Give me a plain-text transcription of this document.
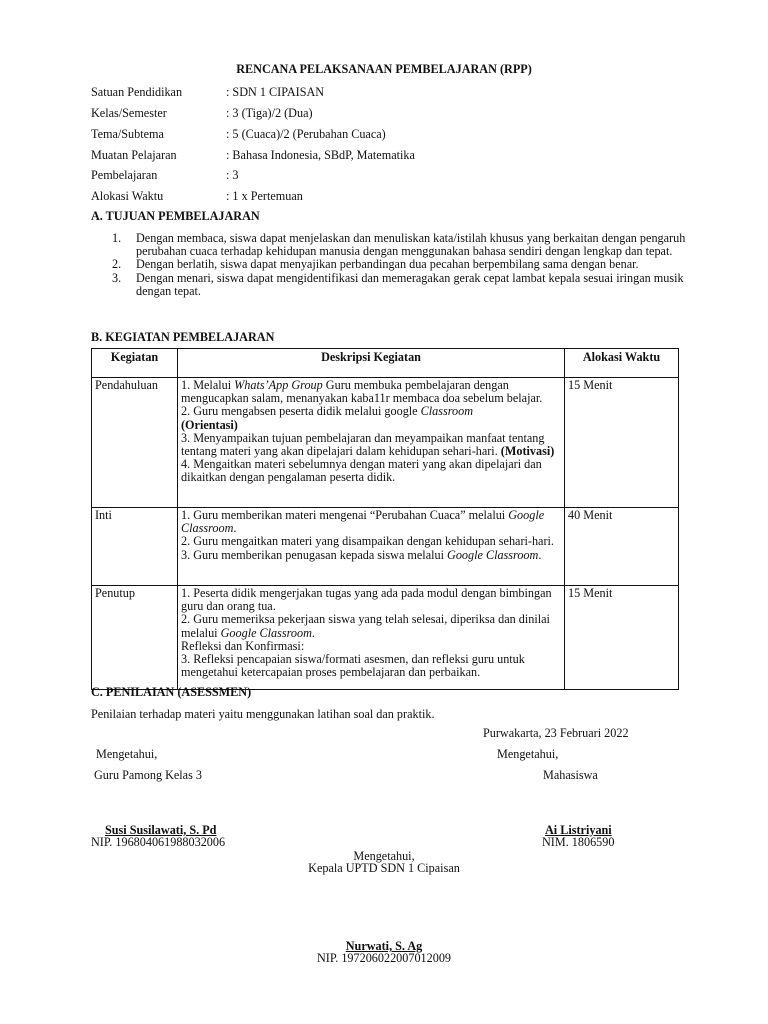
RENCANA PELAKSANAAN PEMBELAJARAN (RPP)
Satuan Pendidikan	: SDN 1 CIPAISAN
Kelas/Semester	: 3 (Tiga)/2 (Dua)
Tema/Subtema	: 5 (Cuaca)/2 (Perubahan Cuaca)
Muatan Pelajaran	: Bahasa Indonesia, SBdP, Matematika
Pembelajaran	: 3
Alokasi Waktu	: 1 x Pertemuan
A. TUJUAN PEMBELAJARAN
1. Dengan membaca, siswa dapat menjelaskan dan menuliskan kata/istilah khusus yang berkaitan dengan pengaruh perubahan cuaca terhadap kehidupan manusia dengan menggunakan bahasa sendiri dengan lengkap dan tepat.
2. Dengan berlatih, siswa dapat menyajikan perbandingan dua pecahan berpembilang sama dengan benar.
3. Dengan menari, siswa dapat mengidentifikasi dan memeragakan gerak cepat lambat kepala sesuai iringan musik dengan tepat.
B. KEGIATAN PEMBELAJARAN
Kegiatan	Deskripsi Kegiatan	Alokasi Waktu
Pendahuluan	1. Melalui Whats’App Group Guru membuka pembelajaran dengan mengucapkan salam, menanyakan kaba11r membaca doa sebelum belajar.
2. Guru mengabsen peserta didik melalui google Classroom
(Orientasi)
3. Menyampaikan tujuan pembelajaran dan meyampaikan manfaat tentang tentang materi yang akan dipelajari dalam kehidupan sehari-hari. (Motivasi)
4. Mengaitkan materi sebelumnya dengan materi yang akan dipelajari dan dikaitkan dengan pengalaman peserta didik.	15 Menit
Inti	1. Guru memberikan materi mengenai “Perubahan Cuaca” melalui Google Classroom.
2. Guru mengaitkan materi yang disampaikan dengan kehidupan sehari-hari.
3. Guru memberikan penugasan kepada siswa melalui Google Classroom.	40 Menit
Penutup	1. Peserta didik mengerjakan tugas yang ada pada modul dengan bimbingan guru dan orang tua.
2. Guru memeriksa pekerjaan siswa yang telah selesai, diperiksa dan dinilai melalui Google Classroom.
Refleksi dan Konfirmasi:
3. Refleksi pencapaian siswa/formati asesmen, dan refleksi guru untuk mengetahui ketercapaian proses pembelajaran dan perbaikan.	15 Menit
C. PENILAIAN (ASESSMEN)
Penilaian terhadap materi yaitu menggunakan latihan soal dan praktik.
Purwakarta, 23 Februari 2022
Mengetahui,	Mengetahui,
Guru Pamong Kelas 3	Mahasiswa
Susi Susilawati, S. Pd
NIP. 196804061988032006
Ai Listriyani
NIM. 1806590
Mengetahui,
Kepala UPTD SDN 1 Cipaisan
Nurwati, S. Ag
NIP. 197206022007012009
